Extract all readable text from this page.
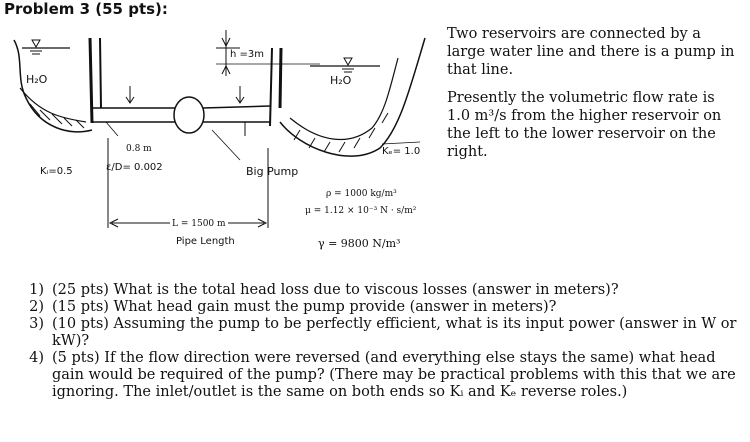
Problem 3 (55 pts):
H₂O	H₂O
h =3m
0.8 m
Kᵢ=0.5	ε/D= 0.002
Kₑ= 1.0
Big Pump
L = 1500 m
Pipe Length
ρ = 1000 kg/m³
μ = 1.12 × 10⁻³ N · s/m²
γ = 9800 N/m³

Two reservoirs are connected by a large water line and there is a pump in that line.

Presently the volumetric flow rate is 1.0 m³/s from the higher reservoir on the left to the lower reservoir on the right.

1) (25 pts) What is the total head loss due to viscous losses (answer in meters)?
2) (15 pts) What head gain must the pump provide (answer in meters)?
3) (10 pts) Assuming the pump to be perfectly efficient, what is its input power (answer in W or kW)?
4) (5 pts) If the flow direction were reversed (and everything else stays the same) what head gain would be required of the pump? (There may be practical problems with this that we are ignoring. The inlet/outlet is the same on both ends so Kᵢ and Kₑ reverse roles.)
